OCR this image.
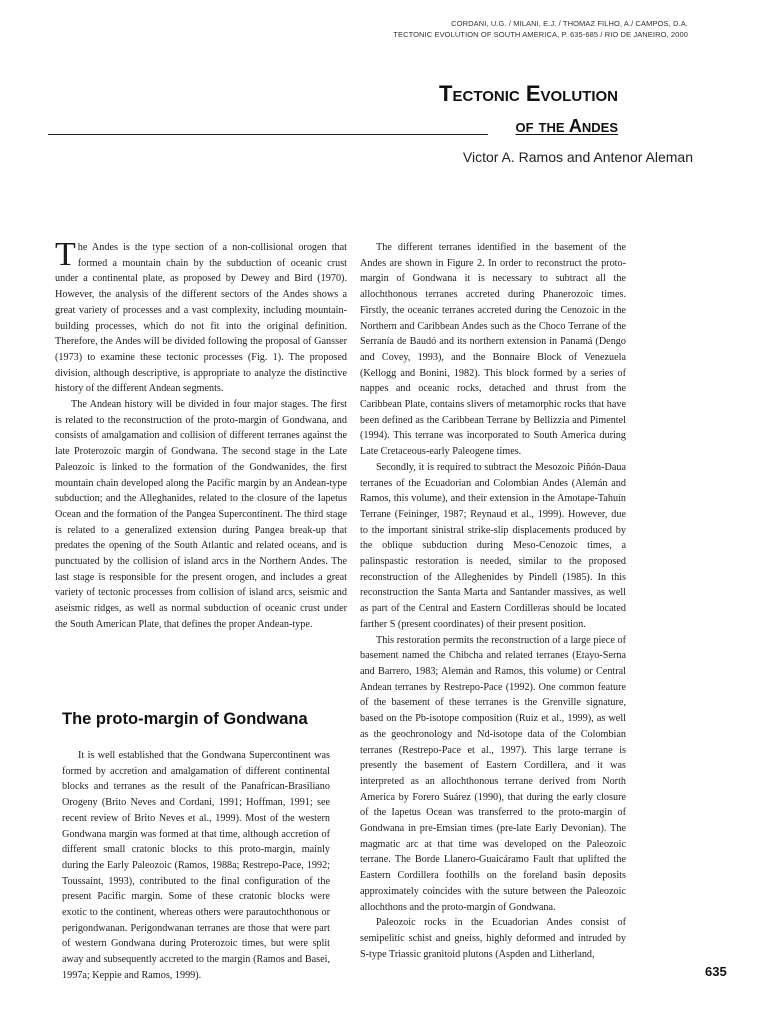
CORDANI, U.G. / MILANI, E.J. / THOMAZ FILHO, A./ CAMPOS, D.A.
TECTONIC EVOLUTION OF SOUTH AMERICA, P. 635-685 / RIO DE JANEIRO, 2000
Tectonic Evolution
of the Andes
Victor A. Ramos and Antenor Aleman

The Andes is the type section of a non-collisional orogen that formed a mountain chain by the subduction of oceanic crust under a continental plate, as proposed by Dewey and Bird (1970). However, the analysis of the different sectors of the Andes shows a great variety of processes and a vast complexity, including mountain-building processes, which do not fit into the original definition. Therefore, the Andes will be divided following the proposal of Gansser (1973) to examine these tectonic processes (Fig. 1). The proposed division, although descriptive, is appropriate to analyze the distinctive history of the different Andean segments.

The Andean history will be divided in four major stages. The first is related to the reconstruction of the proto-margin of Gondwana, and consists of amalgamation and collision of different terranes against the late Proterozoic margin of Gondwana. The second stage in the Late Paleozoic is linked to the formation of the Gondwanides, the first mountain chain developed along the Pacific margin by an Andean-type subduction; and the Alleghanides, related to the closure of the Iapetus Ocean and the formation of the Pangea Supercontinent. The third stage is related to a generalized extension during Pangea break-up that predates the opening of the South Atlantic and related oceans, and is punctuated by the collision of island arcs in the Northern Andes. The last stage is responsible for the present orogen, and includes a great variety of tectonic processes from collision of island arcs, seismic and aseismic ridges, as well as normal subduction of oceanic crust under the South American Plate, that defines the proper Andean-type.

The proto-margin of Gondwana

It is well established that the Gondwana Supercontinent was formed by accretion and amalgamation of different continental blocks and terranes as the result of the Panafrican-Brasiliano Orogeny (Brito Neves and Cordani, 1991; Hoffman, 1991; see recent review of Brito Neves et al., 1999). Most of the western Gondwana margin was formed at that time, although accretion of different small cratonic blocks to this proto-margin, mainly during the Early Paleozoic (Ramos, 1988a; Restrepo-Pace, 1992; Toussaint, 1993), contributed to the final configuration of the present Pacific margin. Some of these cratonic blocks were exotic to the continent, whereas others were parautochthonous or perigondwanan. Perigondwanan terranes are those that were part of western Gondwana during Proterozoic times, but were split away and subsequently accreted to the margin (Ramos and Basei, 1997a; Keppie and Ramos, 1999).

The different terranes identified in the basement of the Andes are shown in Figure 2. In order to reconstruct the proto-margin of Gondwana it is necessary to subtract all the allochthonous terranes accreted during Phanerozoic times. Firstly, the oceanic terranes accreted during the Cenozoic in the Northern and Caribbean Andes such as the Choco Terrane of the Serranía de Baudó and its northern extension in Panamá (Dengo and Covey, 1993), and the Bonnaire Block of Venezuela (Kellogg and Bonini, 1982). This block formed by a series of nappes and oceanic rocks, detached and thrust from the Caribbean Plate, contains slivers of metamorphic rocks that have been defined as the Caribbean Terrane by Bellizzia and Pimentel (1994). This terrane was incorporated to South America during Late Cretaceous-early Paleogene times.

Secondly, it is required to subtract the Mesozoic Piñón-Daua terranes of the Ecuadorian and Colombian Andes (Alemán and Ramos, this volume), and their extension in the Amotape-Tahuín Terrane (Feininger, 1987; Reynaud et al., 1999). However, due to the important sinistral strike-slip displacements produced by the oblique subduction during Meso-Cenozoic times, a palinspastic restoration is needed, similar to the proposed reconstruction of the Alleghenides by Pindell (1985). In this reconstruction the Santa Marta and Santander massives, as well as part of the Central and Eastern Cordilleras should be located farther S (present coordinates) of their present position.

This restoration permits the reconstruction of a large piece of basement named the Chibcha and related terranes (Etayo-Serna and Barrero, 1983; Alemán and Ramos, this volume) or Central Andean terranes by Restrepo-Pace (1992). One common feature of the basement of these terranes is the Grenville signature, based on the Pb-isotope composition (Ruiz et al., 1999), as well as the geochronology and Nd-isotope data of the Colombian terranes (Restrepo-Pace et al., 1997). This large terrane is presently the basement of Eastern Cordillera, and it was interpreted as an allochthonous terrane derived from North America by Forero Suárez (1990), that during the early closure of the Iapetus Ocean was transferred to the proto-margin of Gondwana in pre-Emsian times (pre-late Early Devonian). The magmatic arc at that time was developed on the Paleozoic terrane. The Borde Llanero-Guaicáramo Fault that uplifted the Eastern Cordillera foothills on the foreland basin deposits approximately coincides with the suture between the Paleozoic allochthons and the proto-margin of Gondwana.

Paleozoic rocks in the Ecuadorian Andes consist of semipelitic schist and gneiss, highly deformed and intruded by S-type Triassic granitoid plutons (Aspden and Litherland,

635
